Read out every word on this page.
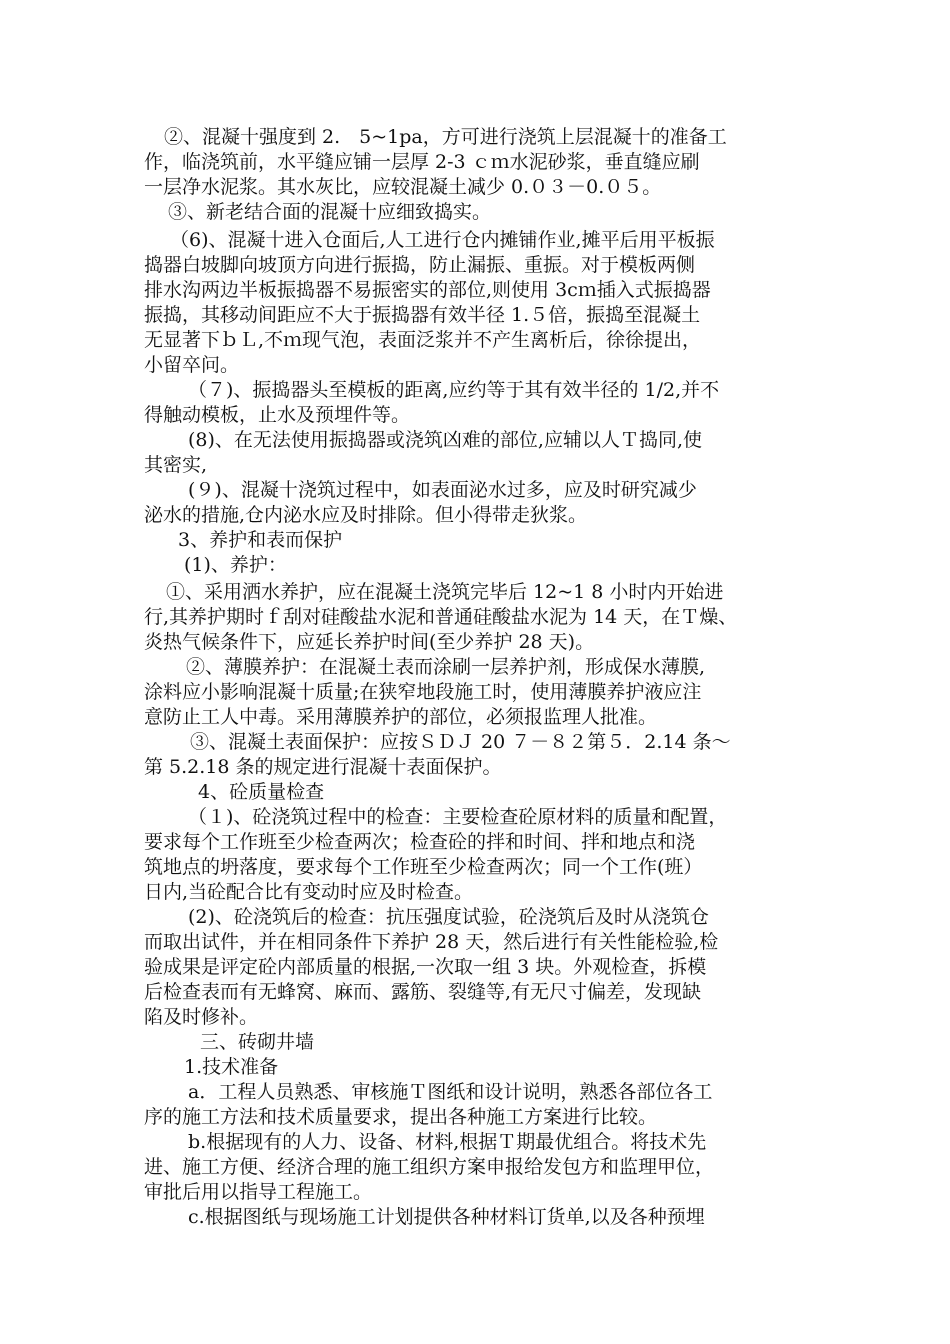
②、混凝十强度到 2.　5~1pa，方可进行浇筑上层混凝十的准备工
作，临浇筑前，水平缝应铺一层厚 2-3 ｃｍ水泥砂浆，垂直缝应刷
一层净水泥浆。其水灰比，应较混凝土减少 0.０３－0.０５。
③、新老结合面的混凝十应细致捣实。
（6)、混凝十进入仓面后,人工进行仓内摊铺作业,摊平后用平板振
捣器白坡脚向坡顶方向进行振捣，防止漏振、重振。对于模板两侧
排水沟两边半板振捣器不易振密实的部位,则使用 3cｍ插入式振捣器
振捣，其移动间距应不大于振捣器有效半径 1.５倍，振捣至混凝土
无显著下ｂＬ,不ｍ现气泡，表面泛浆并不产生离析后，徐徐提出，
小留卒问。
（７)、振捣器头至模板的距离,应约等于其有效半径的 1/2,并不
得触动模板，止水及预埋件等。
(8)、在无法使用振捣器或浇筑凶难的部位,应辅以人Ｔ捣同,使
其密实,
(９)、混凝十浇筑过程中，如表面泌水过多，应及时研究减少
泌水的措施,仓内泌水应及时排除。但小得带走狄浆。
3、养护和表而保护
(1)、养护：
①、采用洒水养护，应在混凝土浇筑完毕后 12~1 8 小时内开始进
行,其养护期时ｆ刮对硅酸盐水泥和普通硅酸盐水泥为 14 天，在Ｔ燥、
炎热气候条件下，应延长养护时间(至少养护 28 天)。
②、薄膜养护：在混凝土表而涂刷一层养护剂，形成保水薄膜,
涂料应小影响混凝十质量;在狭窄地段施工时，使用薄膜养护液应注
意防止工人中毒。采用薄膜养护的部位，必须报监理人批准。
③、混凝土表面保护：应按ＳＤＪ 20 ７－８２第５．2.14 条～
第 5.2.18 条的规定进行混凝十表面保护。
4、砼质量检查
（１)、砼浇筑过程中的检查：主要检查砼原材料的质量和配置，
要求每个工作班至少检查两次；检查砼的拌和时间、拌和地点和浇
筑地点的坍落度，要求每个工作班至少检查两次；同一个工作(班）
日内,当砼配合比有变动时应及时检查。
(2)、砼浇筑后的检查：抗压强度试验，砼浇筑后及时从浇筑仓
而取出试件，并在相同条件下养护 28 天，然后进行有关性能检验,检
验成果是评定砼内部质量的根据,一次取一组 3 块。外观检查，拆模
后检查表而有无蜂窝、麻而、露筋、裂缝等,有无尺寸偏差，发现缺
陷及时修补。
三、砖砌井墙
1.技术准备
a．工程人员熟悉、审核施Ｔ图纸和设计说明，熟悉各部位各工
序的施工方法和技术质量要求，提出各种施工方案进行比较。
b.根据现有的人力、设备、材料,根据Ｔ期最优组合。将技术先
进、施工方便、经济合理的施工组织方案申报给发包方和监理甲位，
审批后用以指导工程施工。
c.根据图纸与现场施工计划提供各种材料订货单,以及各种预埋
